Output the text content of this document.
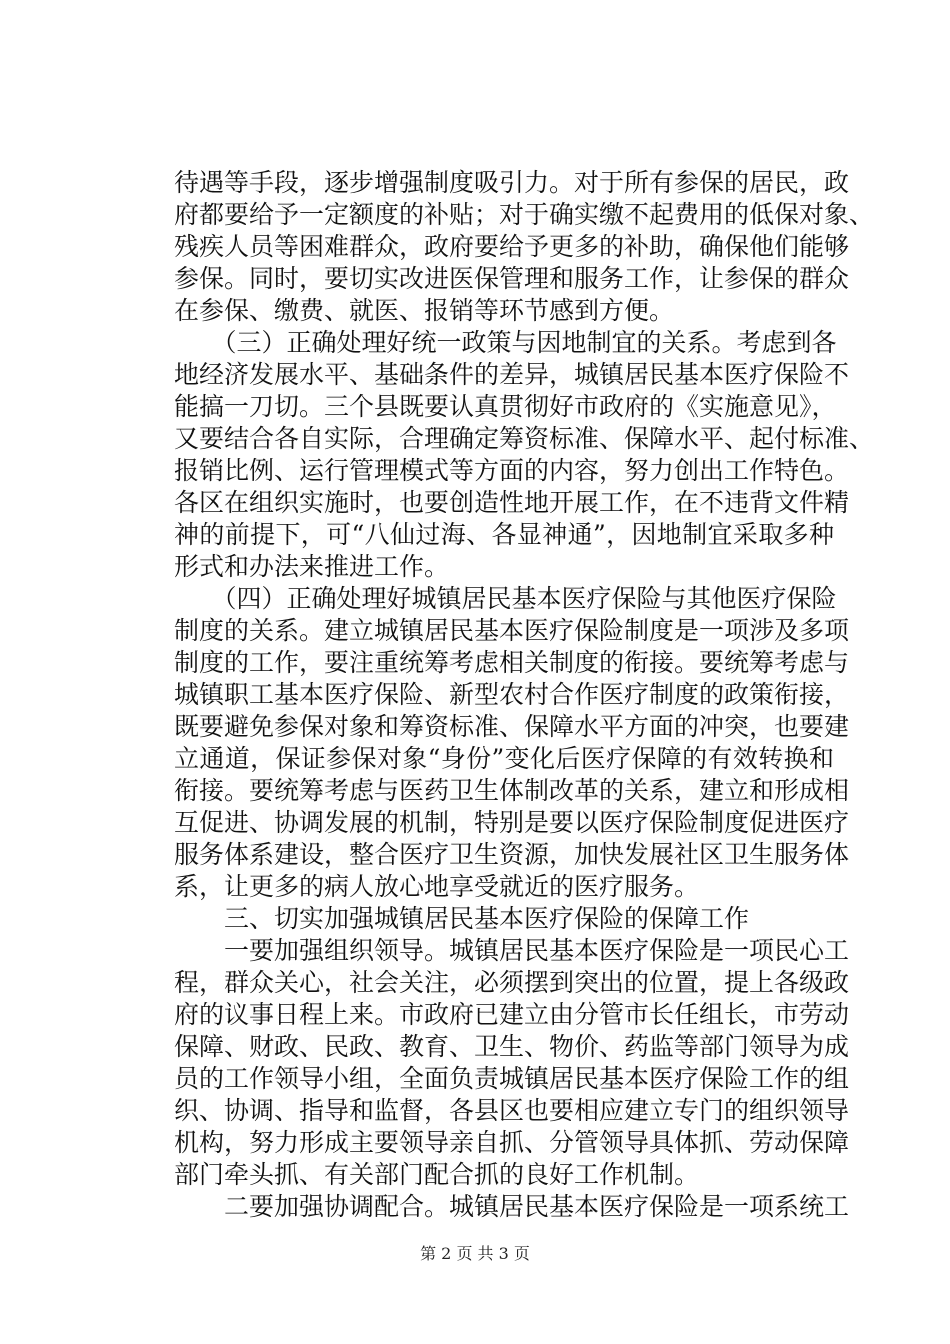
待遇等手段，逐步增强制度吸引力。对于所有参保的居民，政
府都要给予一定额度的补贴；对于确实缴不起费用的低保对象、
残疾人员等困难群众，政府要给予更多的补助，确保他们能够
参保。同时，要切实改进医保管理和服务工作，让参保的群众
在参保、缴费、就医、报销等环节感到方便。
　　（三）正确处理好统一政策与因地制宜的关系。考虑到各
地经济发展水平、基础条件的差异，城镇居民基本医疗保险不
能搞一刀切。三个县既要认真贯彻好市政府的《实施意见》，
又要结合各自实际，合理确定筹资标准、保障水平、起付标准、
报销比例、运行管理模式等方面的内容，努力创出工作特色。
各区在组织实施时，也要创造性地开展工作，在不违背文件精
神的前提下，可“八仙过海、各显神通”，因地制宜采取多种
形式和办法来推进工作。
　　（四）正确处理好城镇居民基本医疗保险与其他医疗保险
制度的关系。建立城镇居民基本医疗保险制度是一项涉及多项
制度的工作，要注重统筹考虑相关制度的衔接。要统筹考虑与
城镇职工基本医疗保险、新型农村合作医疗制度的政策衔接，
既要避免参保对象和筹资标准、保障水平方面的冲突，也要建
立通道，保证参保对象“身份”变化后医疗保障的有效转换和
衔接。要统筹考虑与医药卫生体制改革的关系，建立和形成相
互促进、协调发展的机制，特别是要以医疗保险制度促进医疗
服务体系建设，整合医疗卫生资源，加快发展社区卫生服务体
系，让更多的病人放心地享受就近的医疗服务。
　　三、切实加强城镇居民基本医疗保险的保障工作
　　一要加强组织领导。城镇居民基本医疗保险是一项民心工
程，群众关心，社会关注，必须摆到突出的位置，提上各级政
府的议事日程上来。市政府已建立由分管市长任组长，市劳动
保障、财政、民政、教育、卫生、物价、药监等部门领导为成
员的工作领导小组，全面负责城镇居民基本医疗保险工作的组
织、协调、指导和监督，各县区也要相应建立专门的组织领导
机构，努力形成主要领导亲自抓、分管领导具体抓、劳动保障
部门牵头抓、有关部门配合抓的良好工作机制。
　　二要加强协调配合。城镇居民基本医疗保险是一项系统工
第 2 页 共 3 页
